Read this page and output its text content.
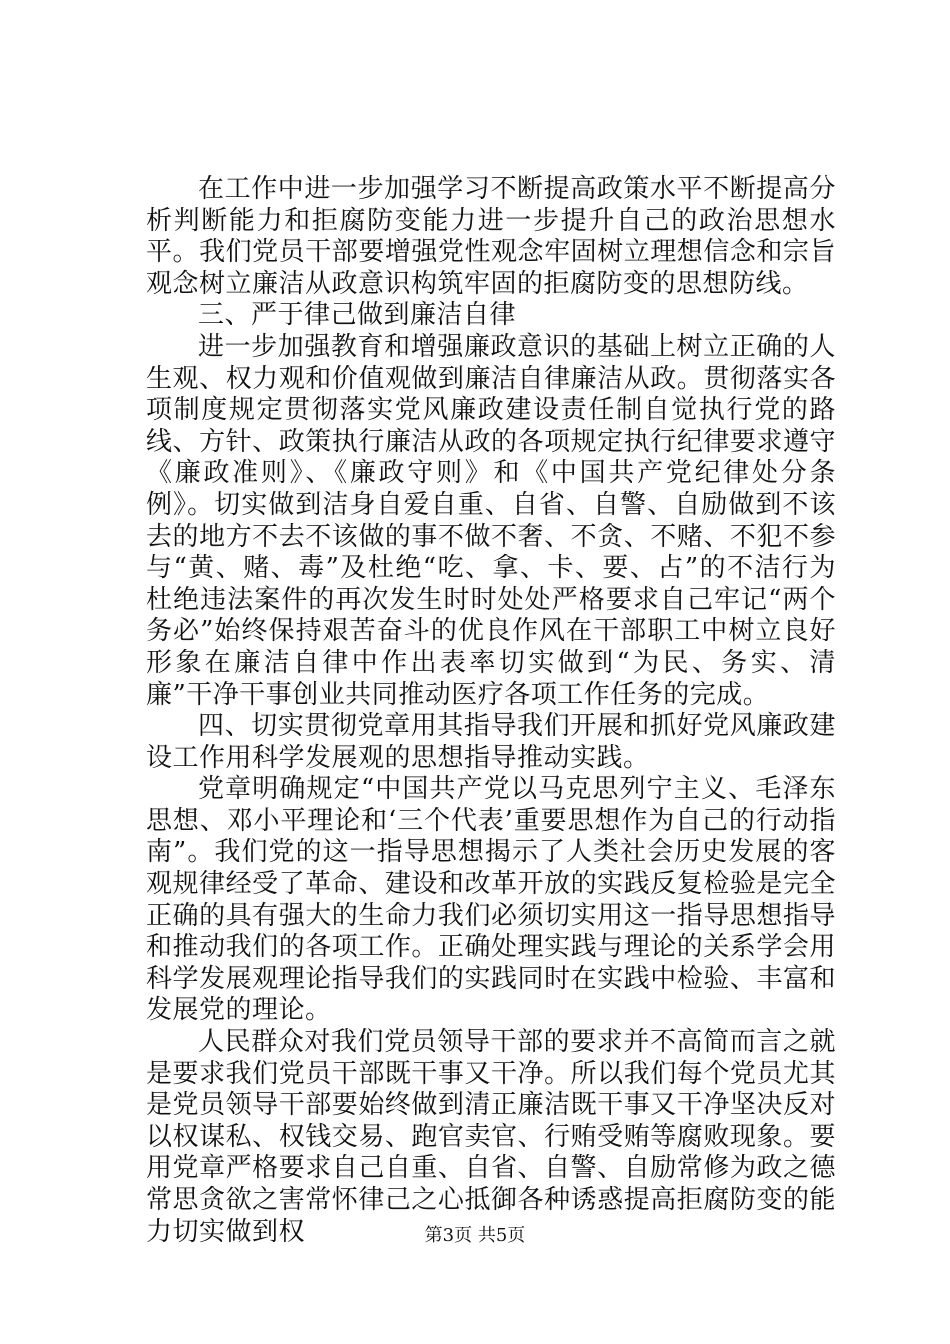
在工作中进一步加强学习不断提高政策水平不断提高分析判断能力和拒腐防变能力进一步提升自己的政治思想水平。我们党员干部要增强党性观念牢固树立理想信念和宗旨观念树立廉洁从政意识构筑牢固的拒腐防变的思想防线。

三、严于律己做到廉洁自律

进一步加强教育和增强廉政意识的基础上树立正确的人生观、权力观和价值观做到廉洁自律廉洁从政。贯彻落实各项制度规定贯彻落实党风廉政建设责任制自觉执行党的路线、方针、政策执行廉洁从政的各项规定执行纪律要求遵守《廉政准则》、《廉政守则》和《中国共产党纪律处分条例》。切实做到洁身自爱自重、自省、自警、自励做到不该去的地方不去不该做的事不做不奢、不贪、不赌、不犯不参与“黄、赌、毒”及杜绝“吃、拿、卡、要、占”的不洁行为杜绝违法案件的再次发生时时处处严格要求自己牢记“两个务必”始终保持艰苦奋斗的优良作风在干部职工中树立良好形象在廉洁自律中作出表率切实做到“为民、务实、清廉”干净干事创业共同推动医疗各项工作任务的完成。

四、切实贯彻党章用其指导我们开展和抓好党风廉政建设工作用科学发展观的思想指导推动实践。

党章明确规定“中国共产党以马克思列宁主义、毛泽东思想、邓小平理论和‘三个代表’重要思想作为自己的行动指南”。我们党的这一指导思想揭示了人类社会历史发展的客观规律经受了革命、建设和改革开放的实践反复检验是完全正确的具有强大的生命力我们必须切实用这一指导思想指导和推动我们的各项工作。正确处理实践与理论的关系学会用科学发展观理论指导我们的实践同时在实践中检验、丰富和发展党的理论。

人民群众对我们党员领导干部的要求并不高简而言之就是要求我们党员干部既干事又干净。所以我们每个党员尤其是党员领导干部要始终做到清正廉洁既干事又干净坚决反对以权谋私、权钱交易、跑官卖官、行贿受贿等腐败现象。要用党章严格要求自己自重、自省、自警、自励常修为政之德常思贪欲之害常怀律己之心抵御各种诱惑提高拒腐防变的能力切实做到权	第3页 共5页
